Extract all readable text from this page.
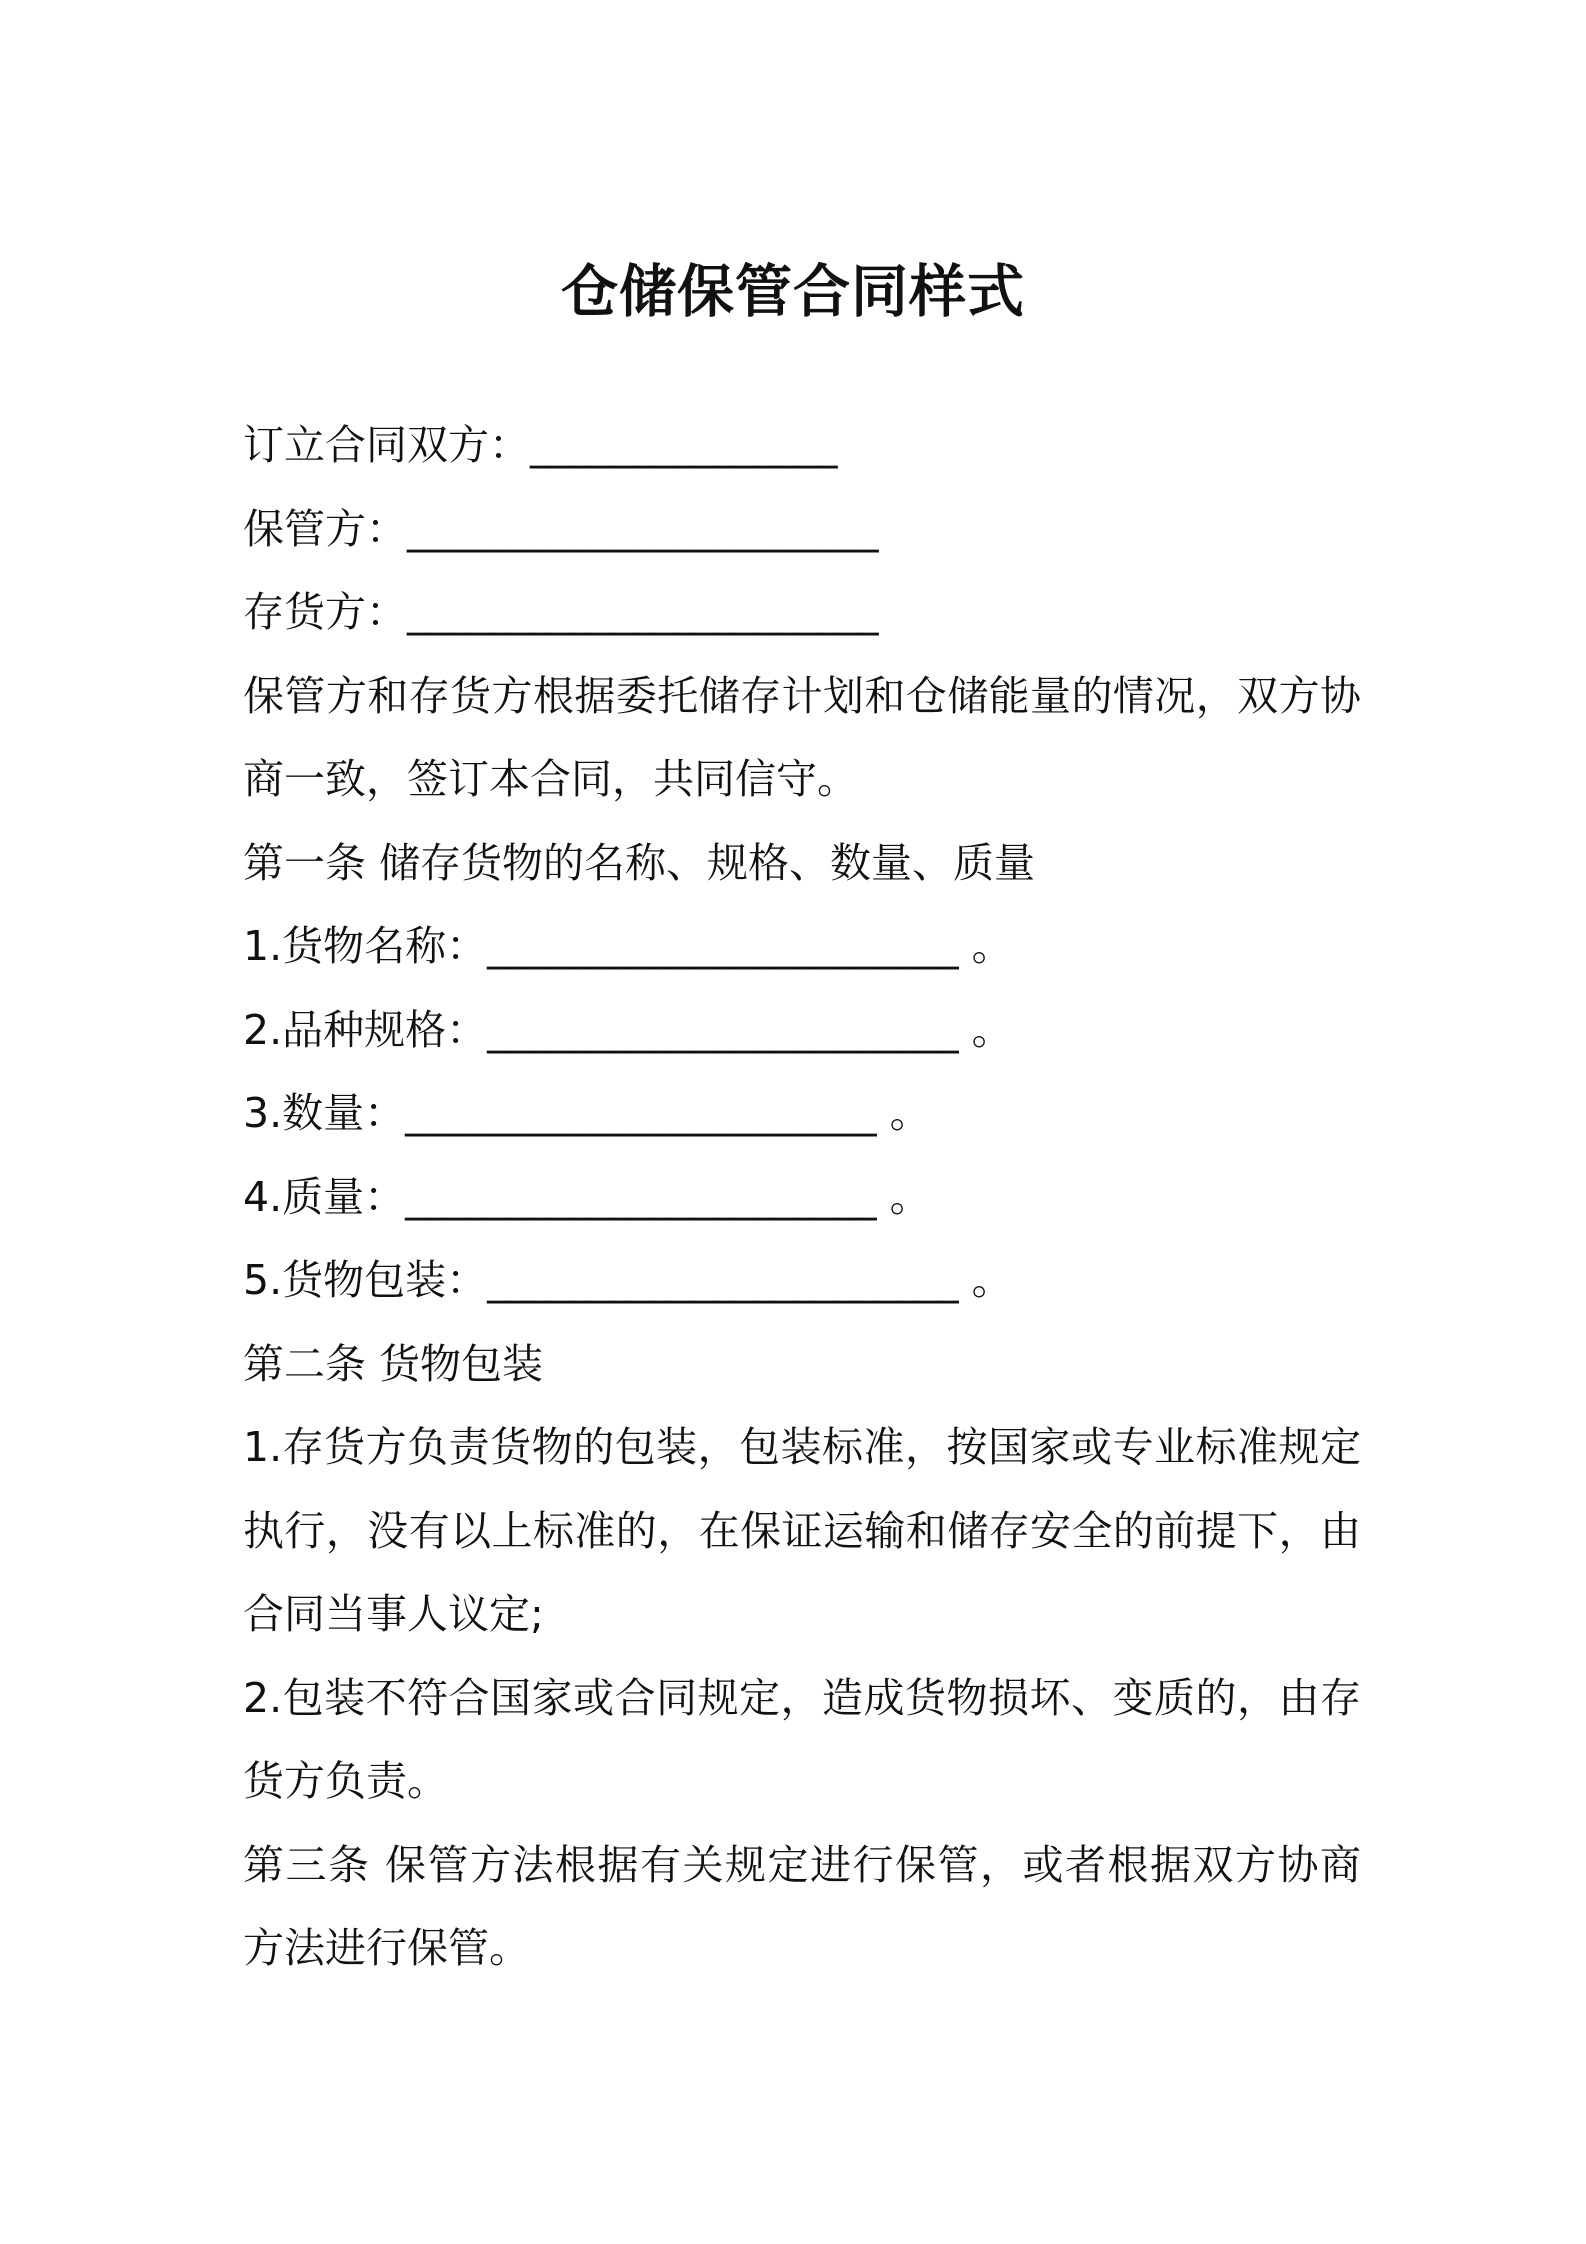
仓储保管合同样式
订立合同双方：_______________
保管方：_______________________
存货方：_______________________
保管方和存货方根据委托储存计划和仓储能量的情况，双方协商一致，签订本合同，共同信守。
第一条 储存货物的名称、规格、数量、质量
1.货物名称：_______________________ 。
2.品种规格：_______________________ 。
3.数量：_______________________ 。
4.质量：_______________________ 。
5.货物包装：_______________________ 。
第二条 货物包装
1.存货方负责货物的包装，包装标准，按国家或专业标准规定执行，没有以上标准的，在保证运输和储存安全的前提下，由合同当事人议定;
2.包装不符合国家或合同规定，造成货物损坏、变质的，由存货方负责。
第三条 保管方法根据有关规定进行保管，或者根据双方协商方法进行保管。
